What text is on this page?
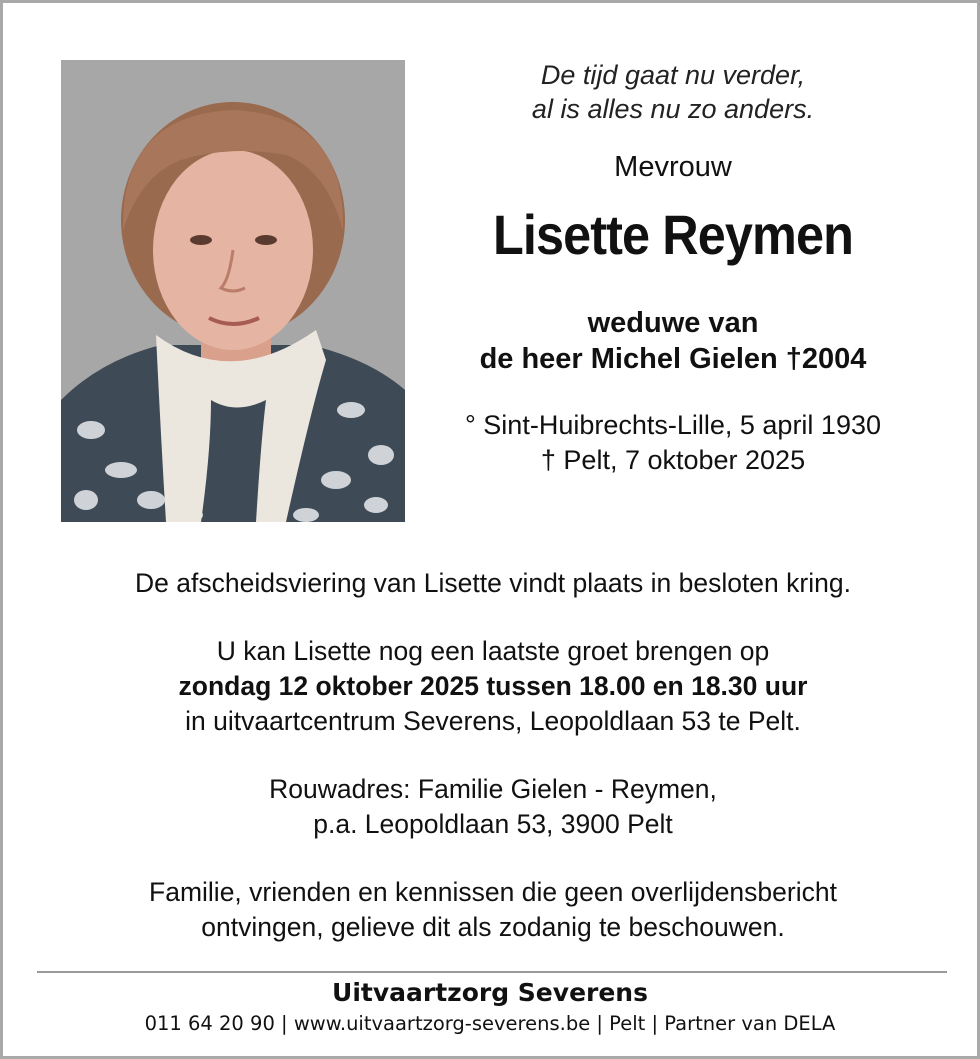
De tijd gaat nu verder,
al is alles nu zo anders.
Mevrouw
Lisette Reymen
weduwe van
de heer Michel Gielen †2004
° Sint-Huibrechts-Lille, 5 april 1930
† Pelt, 7 oktober 2025
De afscheidsviering van Lisette vindt plaats in besloten kring.
U kan Lisette nog een laatste groet brengen op
zondag 12 oktober 2025 tussen 18.00 en 18.30 uur
in uitvaartcentrum Severens, Leopoldlaan 53 te Pelt.
Rouwadres: Familie Gielen - Reymen,
p.a. Leopoldlaan 53, 3900 Pelt
Familie, vrienden en kennissen die geen overlijdensbericht
ontvingen, gelieve dit als zodanig te beschouwen.
Uitvaartzorg Severens
011 64 20 90 | www.uitvaartzorg-severens.be | Pelt | Partner van DELA
